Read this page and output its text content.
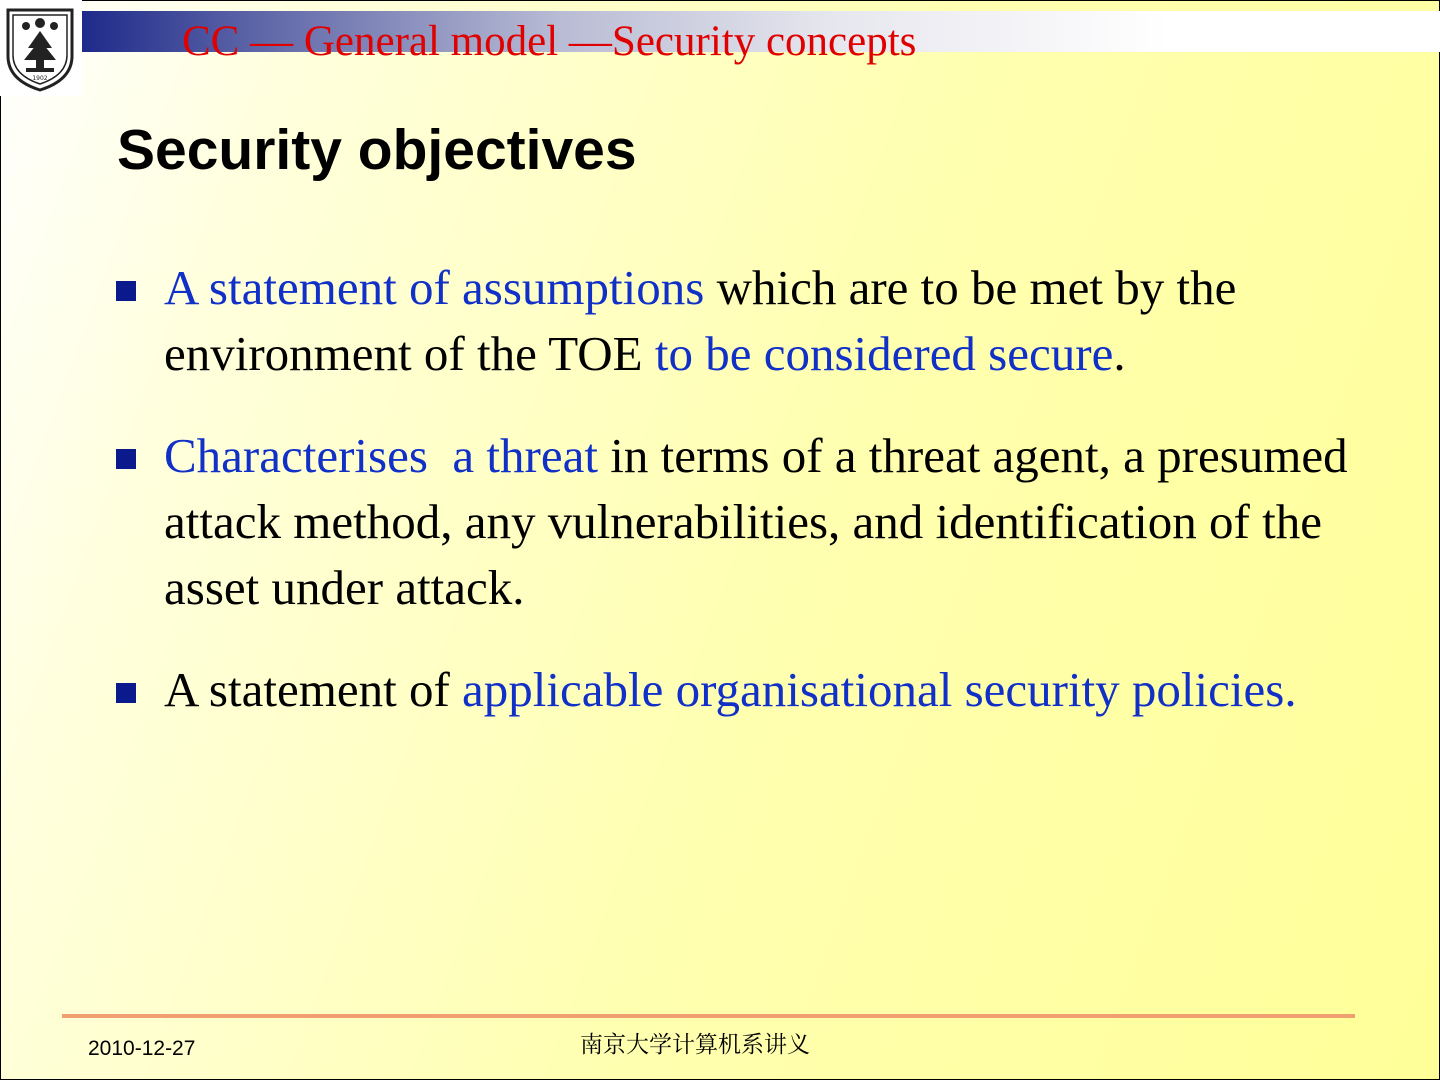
CC — General model —Security concepts
1902
Security objectives
A statement of assumptions which are to be met by the environment of the TOE to be considered secure.
Characterises  a threat in terms of a threat agent, a presumed attack method, any vulnerabilities, and identification of the asset under attack.
A statement of applicable organisational security policies.
2010-12-27	南京大学计算机系讲义
